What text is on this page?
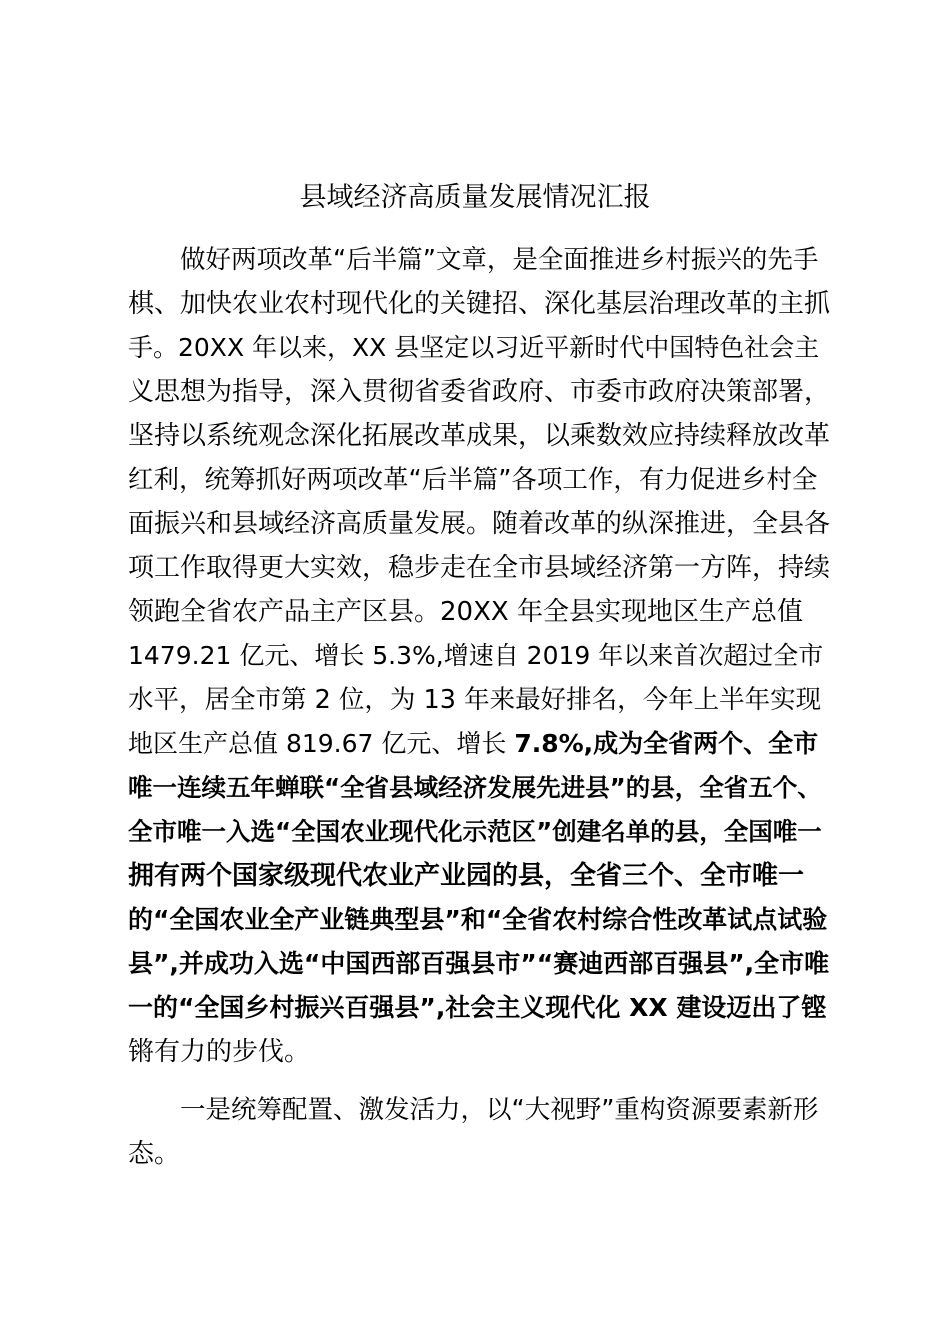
县域经济高质量发展情况汇报

做好两项改革“后半篇”文章，是全面推进乡村振兴的先手

棋、加快农业农村现代化的关键招、深化基层治理改革的主抓

手。20XX 年以来，XX 县坚定以习近平新时代中国特色社会主

义思想为指导，深入贯彻省委省政府、市委市政府决策部署，

坚持以系统观念深化拓展改革成果，以乘数效应持续释放改革

红利，统筹抓好两项改革“后半篇”各项工作，有力促进乡村全

面振兴和县域经济高质量发展。随着改革的纵深推进，全县各

项工作取得更大实效，稳步走在全市县域经济第一方阵，持续

领跑全省农产品主产区县。20XX 年全县实现地区生产总值

1479.21 亿元、增长 5.3%,增速自 2019 年以来首次超过全市

水平，居全市第 2 位，为 13 年来最好排名，今年上半年实现

地区生产总值 819.67 亿元、增长 7.8%,成为全省两个、全市

唯一连续五年蝉联“全省县域经济发展先进县”的县，全省五个、

全市唯一入选“全国农业现代化示范区”创建名单的县，全国唯一

拥有两个国家级现代农业产业园的县，全省三个、全市唯一

的“全国农业全产业链典型县”和“全省农村综合性改革试点试验

县”,并成功入选“中国西部百强县市”“赛迪西部百强县”,全市唯

一的“全国乡村振兴百强县”,社会主义现代化 XX 建设迈出了铿

锵有力的步伐。

一是统筹配置、激发活力，以“大视野”重构资源要素新形

态。
